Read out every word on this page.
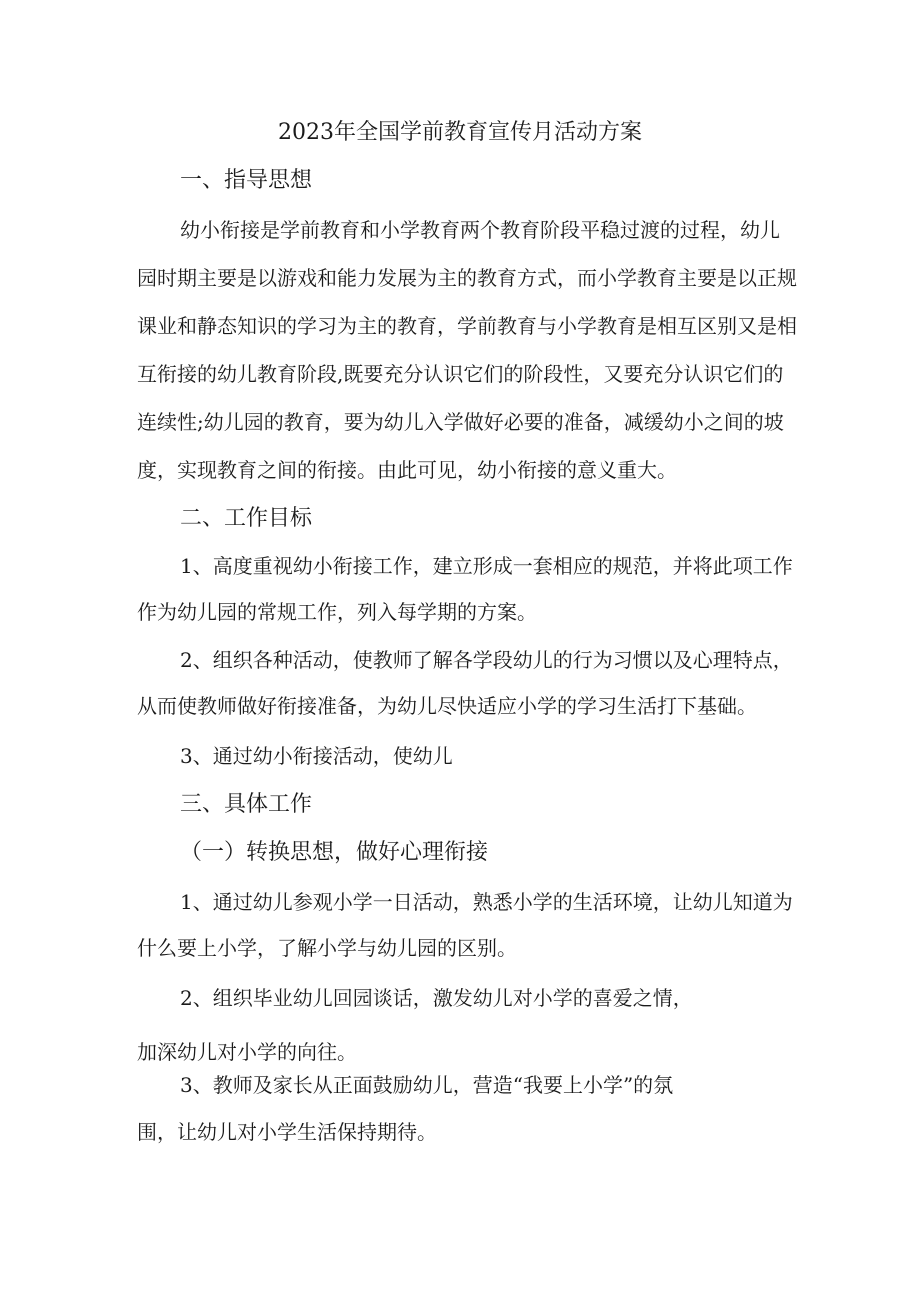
2023年全国学前教育宣传月活动方案
一、指导思想
幼小衔接是学前教育和小学教育两个教育阶段平稳过渡的过程，幼儿
园时期主要是以游戏和能力发展为主的教育方式，而小学教育主要是以正规
课业和静态知识的学习为主的教育，学前教育与小学教育是相互区别又是相
互衔接的幼儿教育阶段,既要充分认识它们的阶段性，又要充分认识它们的
连续性;幼儿园的教育，要为幼儿入学做好必要的准备，减缓幼小之间的坡
度，实现教育之间的衔接。由此可见，幼小衔接的意义重大。
二、工作目标
1、高度重视幼小衔接工作，建立形成一套相应的规范，并将此项工作
作为幼儿园的常规工作，列入每学期的方案。
2、组织各种活动，使教师了解各学段幼儿的行为习惯以及心理特点，
从而使教师做好衔接准备，为幼儿尽快适应小学的学习生活打下基础。
3、通过幼小衔接活动，使幼儿
三、具体工作
（一）转换思想，做好心理衔接
1、通过幼儿参观小学一日活动，熟悉小学的生活环境，让幼儿知道为
什么要上小学，了解小学与幼儿园的区别。
2、组织毕业幼儿回园谈话，激发幼儿对小学的喜爱之情，
加深幼儿对小学的向往。
3、教师及家长从正面鼓励幼儿，营造“我要上小学”的氛
围，让幼儿对小学生活保持期待。
